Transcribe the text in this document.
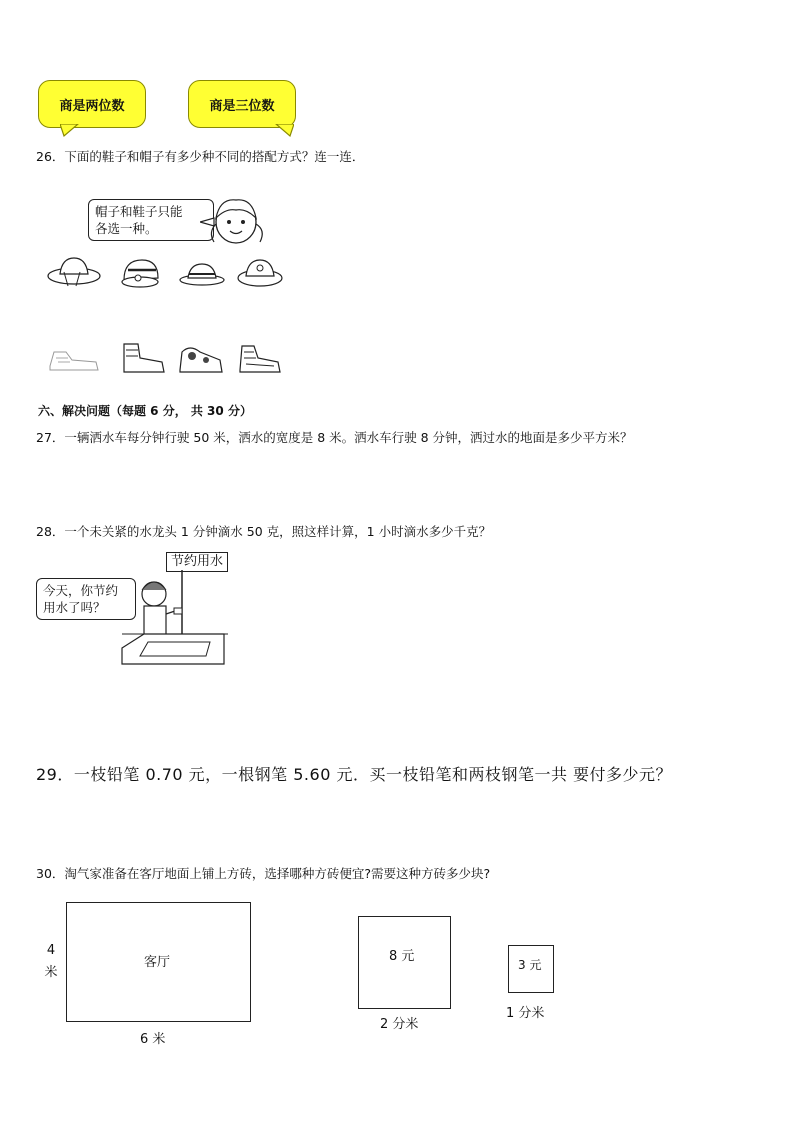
商是两位数	商是三位数
26．下面的鞋子和帽子有多少种不同的搭配方式？连一连．
帽子和鞋子只能
各选一种。
六、解决问题（每题 6 分， 共 30 分）
27．一辆洒水车每分钟行驶 50 米，洒水的宽度是 8 米。洒水车行驶 8 分钟，洒过水的地面是多少平方米？
28．一个未关紧的水龙头 1 分钟滴水 50 克，照这样计算，1 小时滴水多少千克？
节约用水
今天，你节约
用水了吗？
29．一枝铅笔 0.70 元，一根钢笔 5.60 元．买一枝铅笔和两枝钢笔一共 要付多少元？
30．淘气家准备在客厅地面上铺上方砖，选择哪种方砖便宜?需要这种方砖多少块?
客厅
4
米
6 米
8 元
2 分米
3 元
1 分米
